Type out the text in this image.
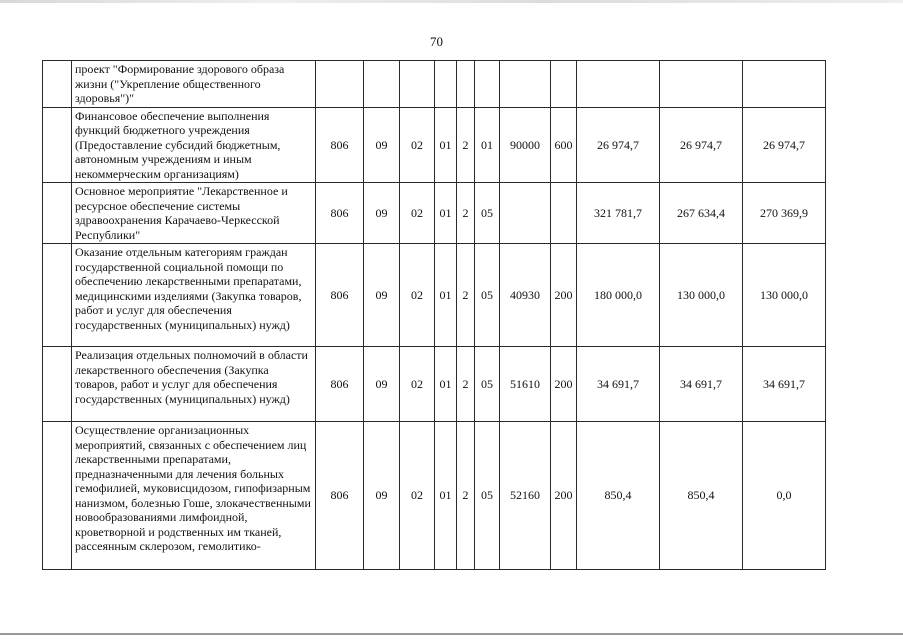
70
	проект "Формирование здорового образа жизни ("Укрепление общественного здоровья")"											
	Финансовое обеспечение выполнения функций бюджетного учреждения (Предоставление субсидий бюджетным, автономным учреждениям и иным некоммерческим организациям)	806	09	02	01	2	01	90000	600	26 974,7	26 974,7	26 974,7
	Основное мероприятие "Лекарственное и ресурсное обеспечение системы здравоохранения Карачаево-Черкесской Республики"	806	09	02	01	2	05			321 781,7	267 634,4	270 369,9
	Оказание отдельным категориям граждан государственной социальной помощи по обеспечению лекарственными препаратами, медицинскими изделиями (Закупка товаров, работ и услуг для обеспечения государственных (муниципальных) нужд)	806	09	02	01	2	05	40930	200	180 000,0	130 000,0	130 000,0
	Реализация отдельных полномочий в области лекарственного обеспечения (Закупка товаров, работ и услуг для обеспечения государственных (муниципальных) нужд)	806	09	02	01	2	05	51610	200	34 691,7	34 691,7	34 691,7
	Осуществление организационных мероприятий, связанных с обеспечением лиц лекарственными препаратами, предназначенными для лечения больных гемофилией, муковисцидозом, гипофизарным нанизмом, болезнью Гоше, злокачественными новообразованиями лимфоидной, кроветворной и родственных им тканей, рассеянным склерозом, гемолитико-	806	09	02	01	2	05	52160	200	850,4	850,4	0,0
